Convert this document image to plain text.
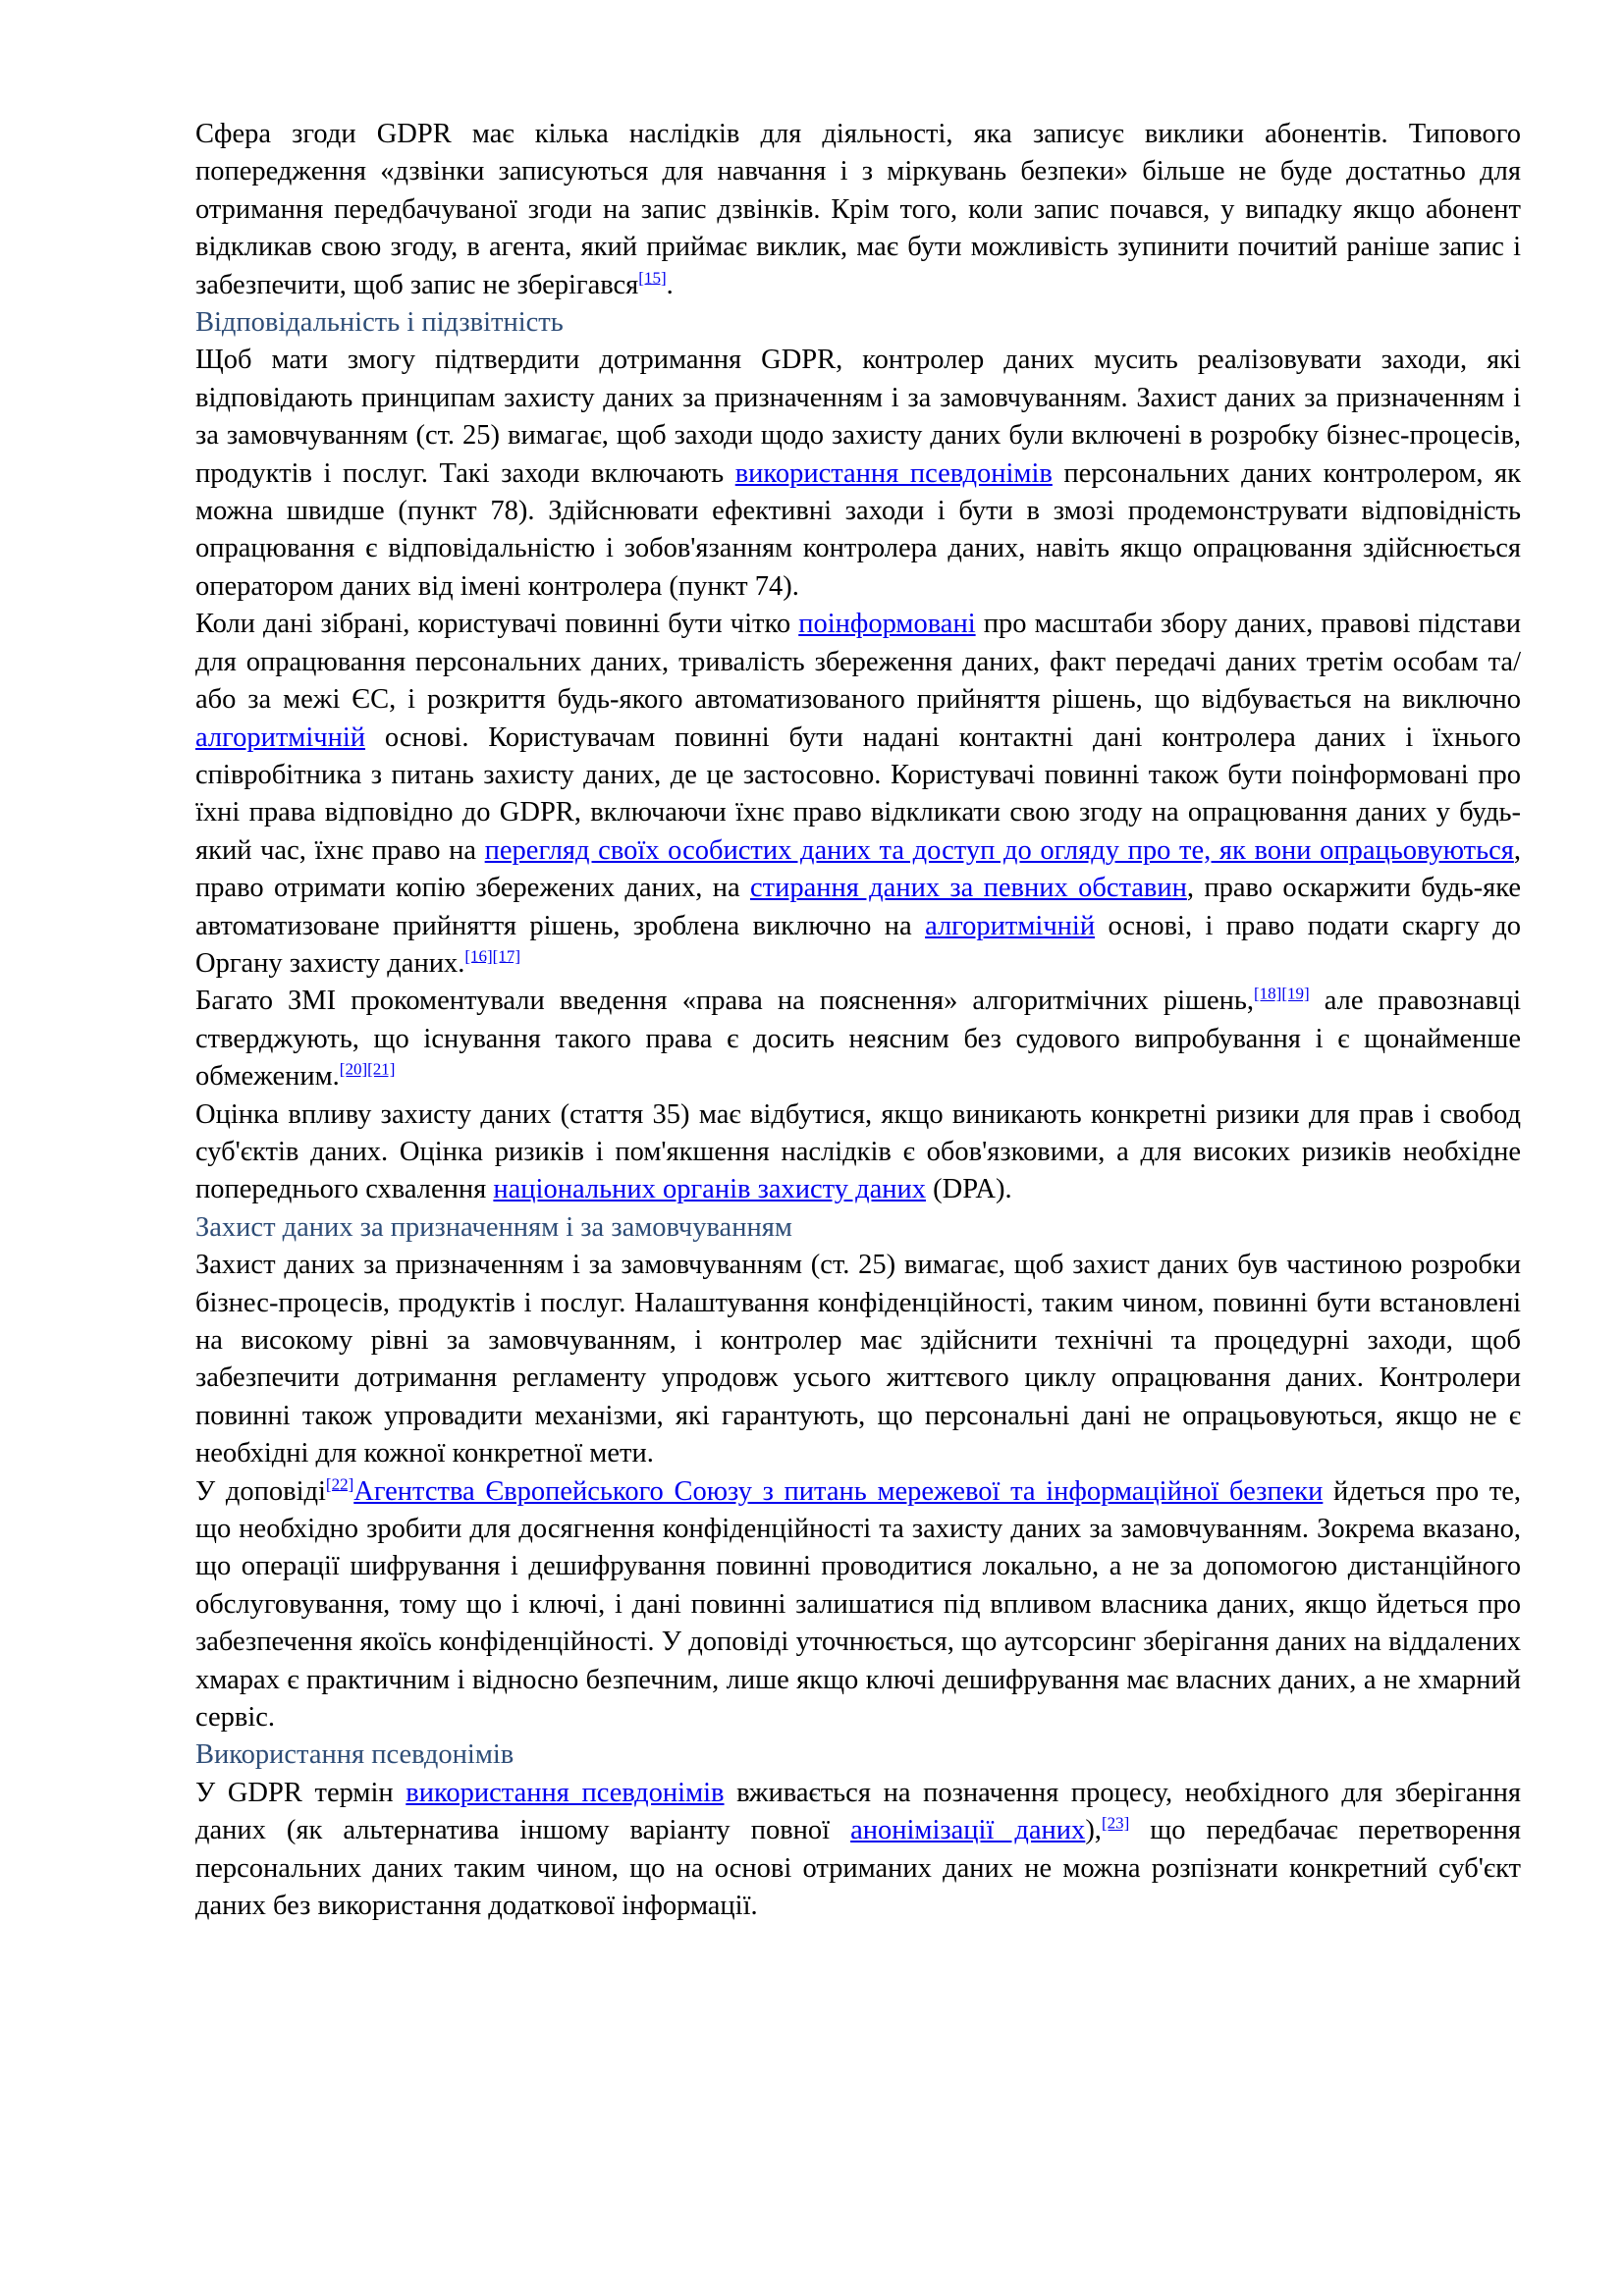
Сфера згоди GDPR має кілька наслідків для діяльності, яка записує виклики абонентів. Типового попередження «дзвінки записуються для навчання і з міркувань безпеки» більше не буде достатньо для отримання передбачуваної згоди на запис дзвінків. Крім того, коли запис почався, у випадку якщо абонент відкликав свою згоду, в агента, який приймає виклик, має бути можливість зупинити почитий раніше запис і забезпечити, щоб запис не зберігався[15].

Відповідальність і підзвітність

Щоб мати змогу підтвердити дотримання GDPR, контролер даних мусить реалізовувати заходи, які відповідають принципам захисту даних за призначенням і за замовчуванням. Захист даних за призначенням і за замовчуванням (ст. 25) вимагає, щоб заходи щодо захисту даних були включені в розробку бізнес-процесів, продуктів і послуг. Такі заходи включають використання псевдонімів персональних даних контролером, як можна швидше (пункт 78). Здійснювати ефективні заходи і бути в змозі продемонструвати відповідність опрацювання є відповідальністю і зобов'язанням контролера даних, навіть якщо опрацювання здійснюється оператором даних від імені контролера (пункт 74).

Коли дані зібрані, користувачі повинні бути чітко поінформовані про масштаби збору даних, правові підстави для опрацювання персональних даних, тривалість збереження даних, факт передачі даних третім особам та/або за межі ЄС, і розкриття будь-якого автоматизованого прийняття рішень, що відбувається на виключно алгоритмічній основі. Користувачам повинні бути надані контактні дані контролера даних і їхнього співробітника з питань захисту даних, де це застосовно. Користувачі повинні також бути поінформовані про їхні права відповідно до GDPR, включаючи їхнє право відкликати свою згоду на опрацювання даних у будь-який час, їхнє право на перегляд своїх особистих даних та доступ до огляду про те, як вони опрацьовуються, право отримати копію збережених даних, на стирання даних за певних обставин, право оскаржити будь-яке автоматизоване прийняття рішень, зроблена виключно на алгоритмічній основі, і право подати скаргу до Органу захисту даних.[16][17]

Багато ЗМІ прокоментували введення «права на пояснення» алгоритмічних рішень,[18][19] але правознавці стверджують, що існування такого права є досить неясним без судового випробування і є щонайменше обмеженим.[20][21]

Оцінка впливу захисту даних (стаття 35) має відбутися, якщо виникають конкретні ризики для прав і свобод суб'єктів даних. Оцінка ризиків і пом'якшення наслідків є обов'язковими, а для високих ризиків необхідне попереднього схвалення національних органів захисту даних (DPA).

Захист даних за призначенням і за замовчуванням

Захист даних за призначенням і за замовчуванням (ст. 25) вимагає, щоб захист даних був частиною розробки бізнес-процесів, продуктів і послуг. Налаштування конфіденційності, таким чином, повинні бути встановлені на високому рівні за замовчуванням, і контролер має здійснити технічні та процедурні заходи, щоб забезпечити дотримання регламенту упродовж усього життєвого циклу опрацювання даних. Контролери повинні також упровадити механізми, які гарантують, що персональні дані не опрацьовуються, якщо не є необхідні для кожної конкретної мети.

У доповіді[22]Агентства Європейського Союзу з питань мережевої та інформаційної безпеки йдеться про те, що необхідно зробити для досягнення конфіденційності та захисту даних за замовчуванням. Зокрема вказано, що операції шифрування і дешифрування повинні проводитися локально, а не за допомогою дистанційного обслуговування, тому що і ключі, і дані повинні залишатися під впливом власника даних, якщо йдеться про забезпечення якоїсь конфіденційності. У доповіді уточнюється, що аутсорсинг зберігання даних на віддалених хмарах є практичним і відносно безпечним, лише якщо ключі дешифрування має власних даних, а не хмарний сервіс.

Використання псевдонімів

У GDPR термін використання псевдонімів вживається на позначення процесу, необхідного для зберігання даних (як альтернатива іншому варіанту повної анонімізації даних),[23] що передбачає перетворення персональних даних таким чином, що на основі отриманих даних не можна розпізнати конкретний суб'єкт даних без використання додаткової інформації.
